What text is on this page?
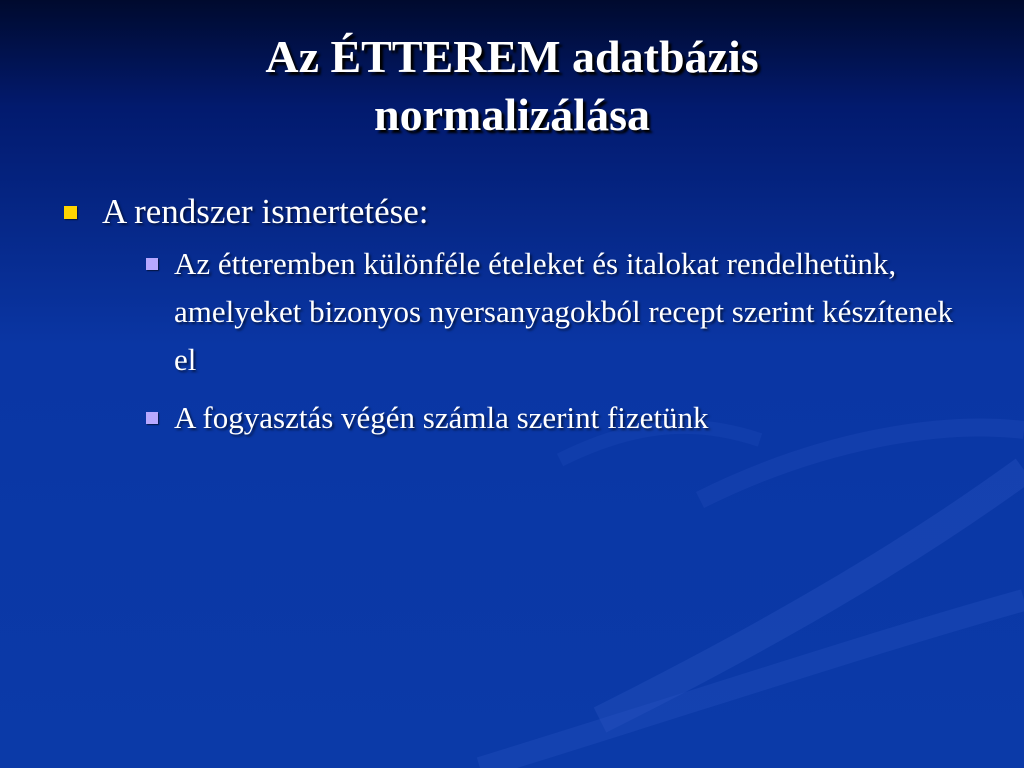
Az ÉTTEREM adatbázis
normalizálása
A rendszer ismertetése:
Az étteremben különféle ételeket és italokat rendelhetünk, amelyeket bizonyos nyersanyagokból recept szerint készítenek el
A fogyasztás végén számla szerint fizetünk
